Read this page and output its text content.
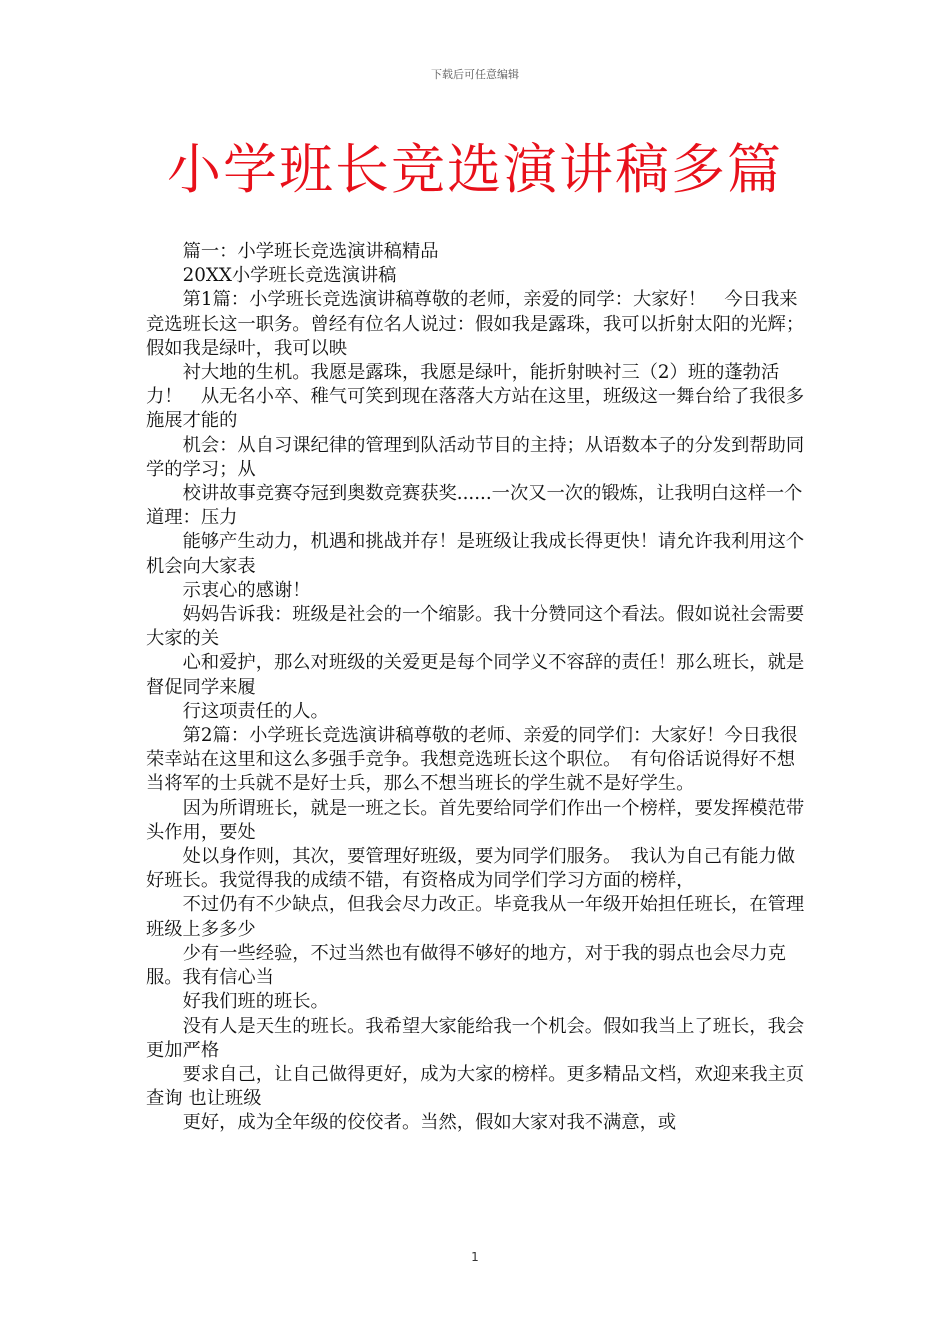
下载后可任意编辑
小学班长竞选演讲稿多篇

篇一：小学班长竞选演讲稿精品

20XX小学班长竞选演讲稿

第1篇：小学班长竞选演讲稿尊敬的老师，亲爱的同学：大家好！　今日我来竞选班长这一职务。曾经有位名人说过：假如我是露珠，我可以折射太阳的光辉；假如我是绿叶，我可以映

衬大地的生机。我愿是露珠，我愿是绿叶，能折射映衬三（2）班的蓬勃活力！　从无名小卒、稚气可笑到现在落落大方站在这里，班级这一舞台给了我很多施展才能的

机会：从自习课纪律的管理到队活动节目的主持；从语数本子的分发到帮助同学的学习；从

校讲故事竞赛夺冠到奥数竞赛获奖......一次又一次的锻炼，让我明白这样一个道理：压力

能够产生动力，机遇和挑战并存！是班级让我成长得更快！请允许我利用这个机会向大家表

示衷心的感谢！

妈妈告诉我：班级是社会的一个缩影。我十分赞同这个看法。假如说社会需要大家的关

心和爱护，那么对班级的关爱更是每个同学义不容辞的责任！那么班长，就是督促同学来履

行这项责任的人。

第2篇：小学班长竞选演讲稿尊敬的老师、亲爱的同学们：大家好！今日我很荣幸站在这里和这么多强手竞争。我想竞选班长这个职位。　有句俗话说得好不想当将军的士兵就不是好士兵，那么不想当班长的学生就不是好学生。

因为所谓班长，就是一班之长。首先要给同学们作出一个榜样，要发挥模范带头作用，要处

处以身作则，其次，要管理好班级，要为同学们服务。　我认为自己有能力做好班长。我觉得我的成绩不错，有资格成为同学们学习方面的榜样，

不过仍有不少缺点，但我会尽力改正。毕竟我从一年级开始担任班长，在管理班级上多多少

少有一些经验，不过当然也有做得不够好的地方，对于我的弱点也会尽力克服。我有信心当

好我们班的班长。

没有人是天生的班长。我希望大家能给我一个机会。假如我当上了班长，我会更加严格

要求自己，让自己做得更好，成为大家的榜样。更多精品文档，欢迎来我主页查询 也让班级

更好，成为全年级的佼佼者。当然，假如大家对我不满意，或

1
